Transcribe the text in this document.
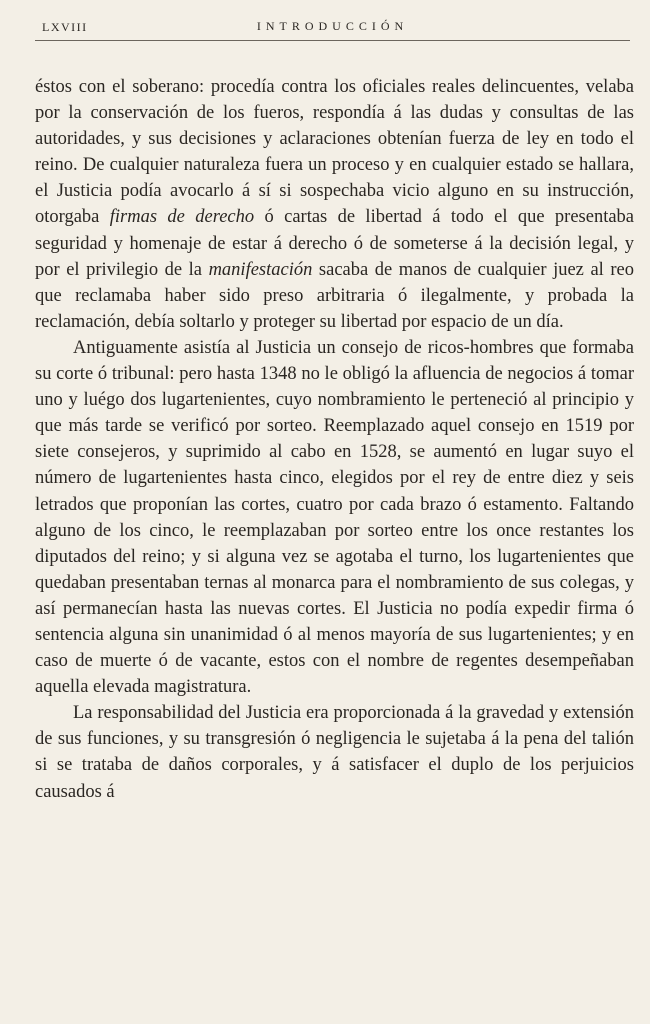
LXVIII	INTRODUCCIÓN

éstos con el soberano: procedía contra los oficiales reales delincuentes, velaba por la conservación de los fueros, respondía á las dudas y consultas de las autoridades, y sus decisiones y aclaraciones obtenían fuerza de ley en todo el reino. De cualquier naturaleza fuera un proceso y en cualquier estado se hallara, el Justicia podía avocarlo á sí si sospechaba vicio alguno en su instrucción, otorgaba firmas de derecho ó cartas de libertad á todo el que presentaba seguridad y homenaje de estar á derecho ó de someterse á la decisión legal, y por el privilegio de la manifestación sacaba de manos de cualquier juez al reo que reclamaba haber sido preso arbitraria ó ilegalmente, y probada la reclamación, debía soltarlo y proteger su libertad por espacio de un día.

Antiguamente asistía al Justicia un consejo de ricos-hombres que formaba su corte ó tribunal: pero hasta 1348 no le obligó la afluencia de negocios á tomar uno y luégo dos lugartenientes, cuyo nombramiento le perteneció al principio y que más tarde se verificó por sorteo. Reemplazado aquel consejo en 1519 por siete consejeros, y suprimido al cabo en 1528, se aumentó en lugar suyo el número de lugartenientes hasta cinco, elegidos por el rey de entre diez y seis letrados que proponían las cortes, cuatro por cada brazo ó estamento. Faltando alguno de los cinco, le reemplazaban por sorteo entre los once restantes los diputados del reino; y si alguna vez se agotaba el turno, los lugartenientes que quedaban presentaban ternas al monarca para el nombramiento de sus colegas, y así permanecían hasta las nuevas cortes. El Justicia no podía expedir firma ó sentencia alguna sin unanimidad ó al menos mayoría de sus lugartenientes; y en caso de muerte ó de vacante, estos con el nombre de regentes desempeñaban aquella elevada magistratura.

La responsabilidad del Justicia era proporcionada á la gravedad y extensión de sus funciones, y su transgresión ó negligencia le sujetaba á la pena del talión si se trataba de daños corporales, y á satisfacer el duplo de los perjuicios causados á
